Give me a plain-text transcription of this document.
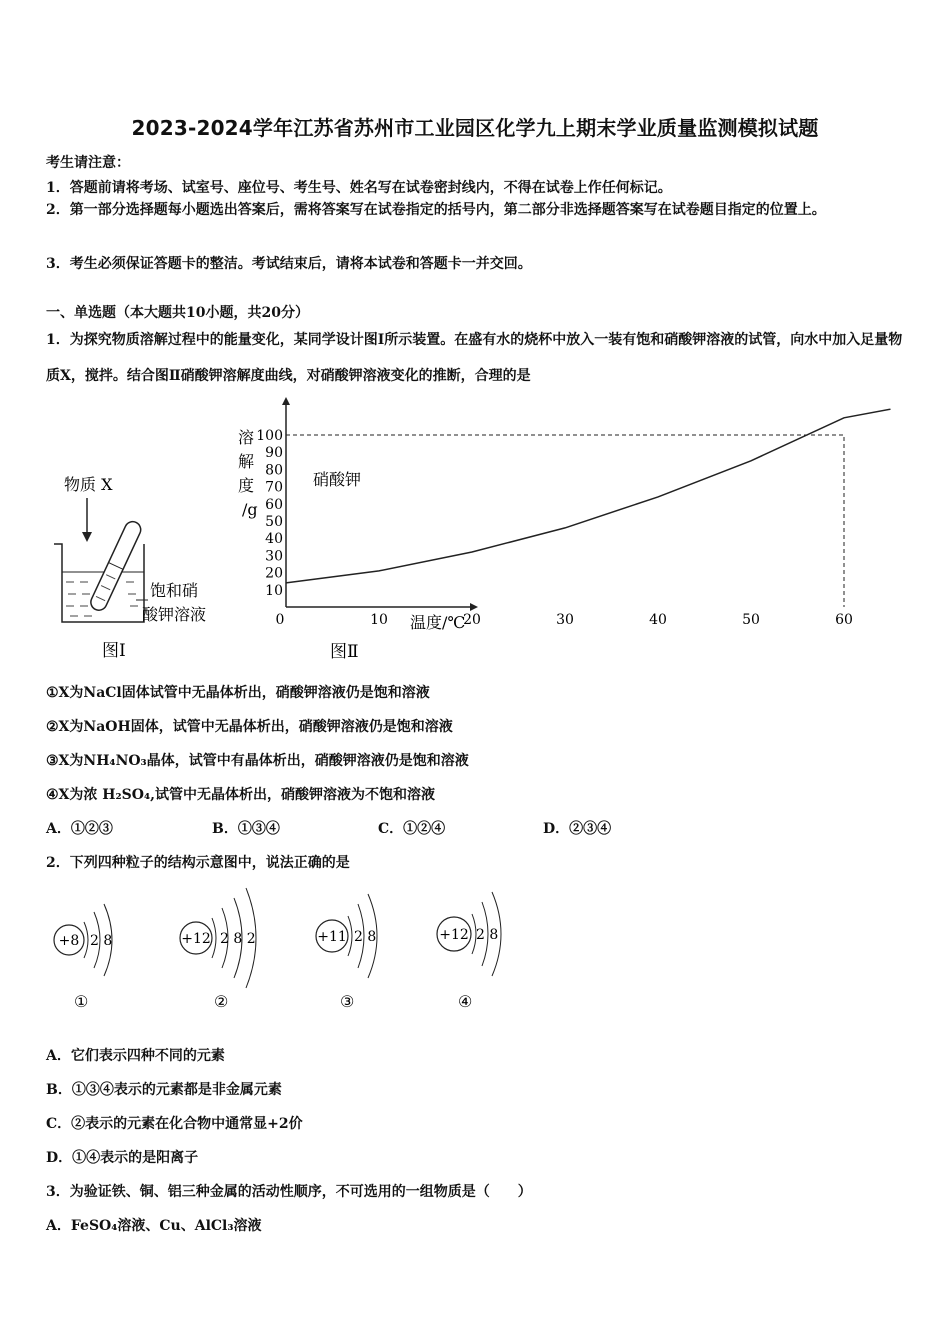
2023-2024学年江苏省苏州市工业园区化学九上期末学业质量监测模拟试题
考生请注意：
1．答题前请将考场、试室号、座位号、考生号、姓名写在试卷密封线内，不得在试卷上作任何标记。
2．第一部分选择题每小题选出答案后，需将答案写在试卷指定的括号内，第二部分非选择题答案写在试卷题目指定的位置上。
3．考生必须保证答题卡的整洁。考试结束后，请将本试卷和答题卡一并交回。
一、单选题（本大题共10小题，共20分）
1．为探究物质溶解过程中的能量变化，某同学设计图Ⅰ所示装置。在盛有水的烧杯中放入一装有饱和硝酸钾溶液的试管，向水中加入足量物质X，搅拌。结合图Ⅱ硝酸钾溶解度曲线，对硝酸钾溶液变化的推断，合理的是
物质 X
饱和硝
酸钾溶液
图Ⅰ
10
20
30
40
50
60
70
80
90
100
0	10	20	30	40	50	60
溶
解
度
/g
硝酸钾
温度/℃
图Ⅱ
①X为NaCl固体试管中无晶体析出，硝酸钾溶液仍是饱和溶液
②X为NaOH固体，试管中无晶体析出，硝酸钾溶液仍是饱和溶液
③X为NH₄NO₃晶体，试管中有晶体析出，硝酸钾溶液仍是饱和溶液
④X为浓 H₂SO₄,试管中无晶体析出，硝酸钾溶液为不饱和溶液
A．①②③	B．①③④	C．①②④	D．②③④
2．下列四种粒子的结构示意图中，说法正确的是
+8 2 8
①
+12 2 8 2
②
+11 2 8
③
+12 2 8
④
A．它们表示四种不同的元素
B．①③④表示的元素都是非金属元素
C．②表示的元素在化合物中通常显+2价
D．①④表示的是阳离子
3．为验证铁、铜、铝三种金属的活动性顺序，不可选用的一组物质是（　　）
A．FeSO₄溶液、Cu、AlCl₃溶液
